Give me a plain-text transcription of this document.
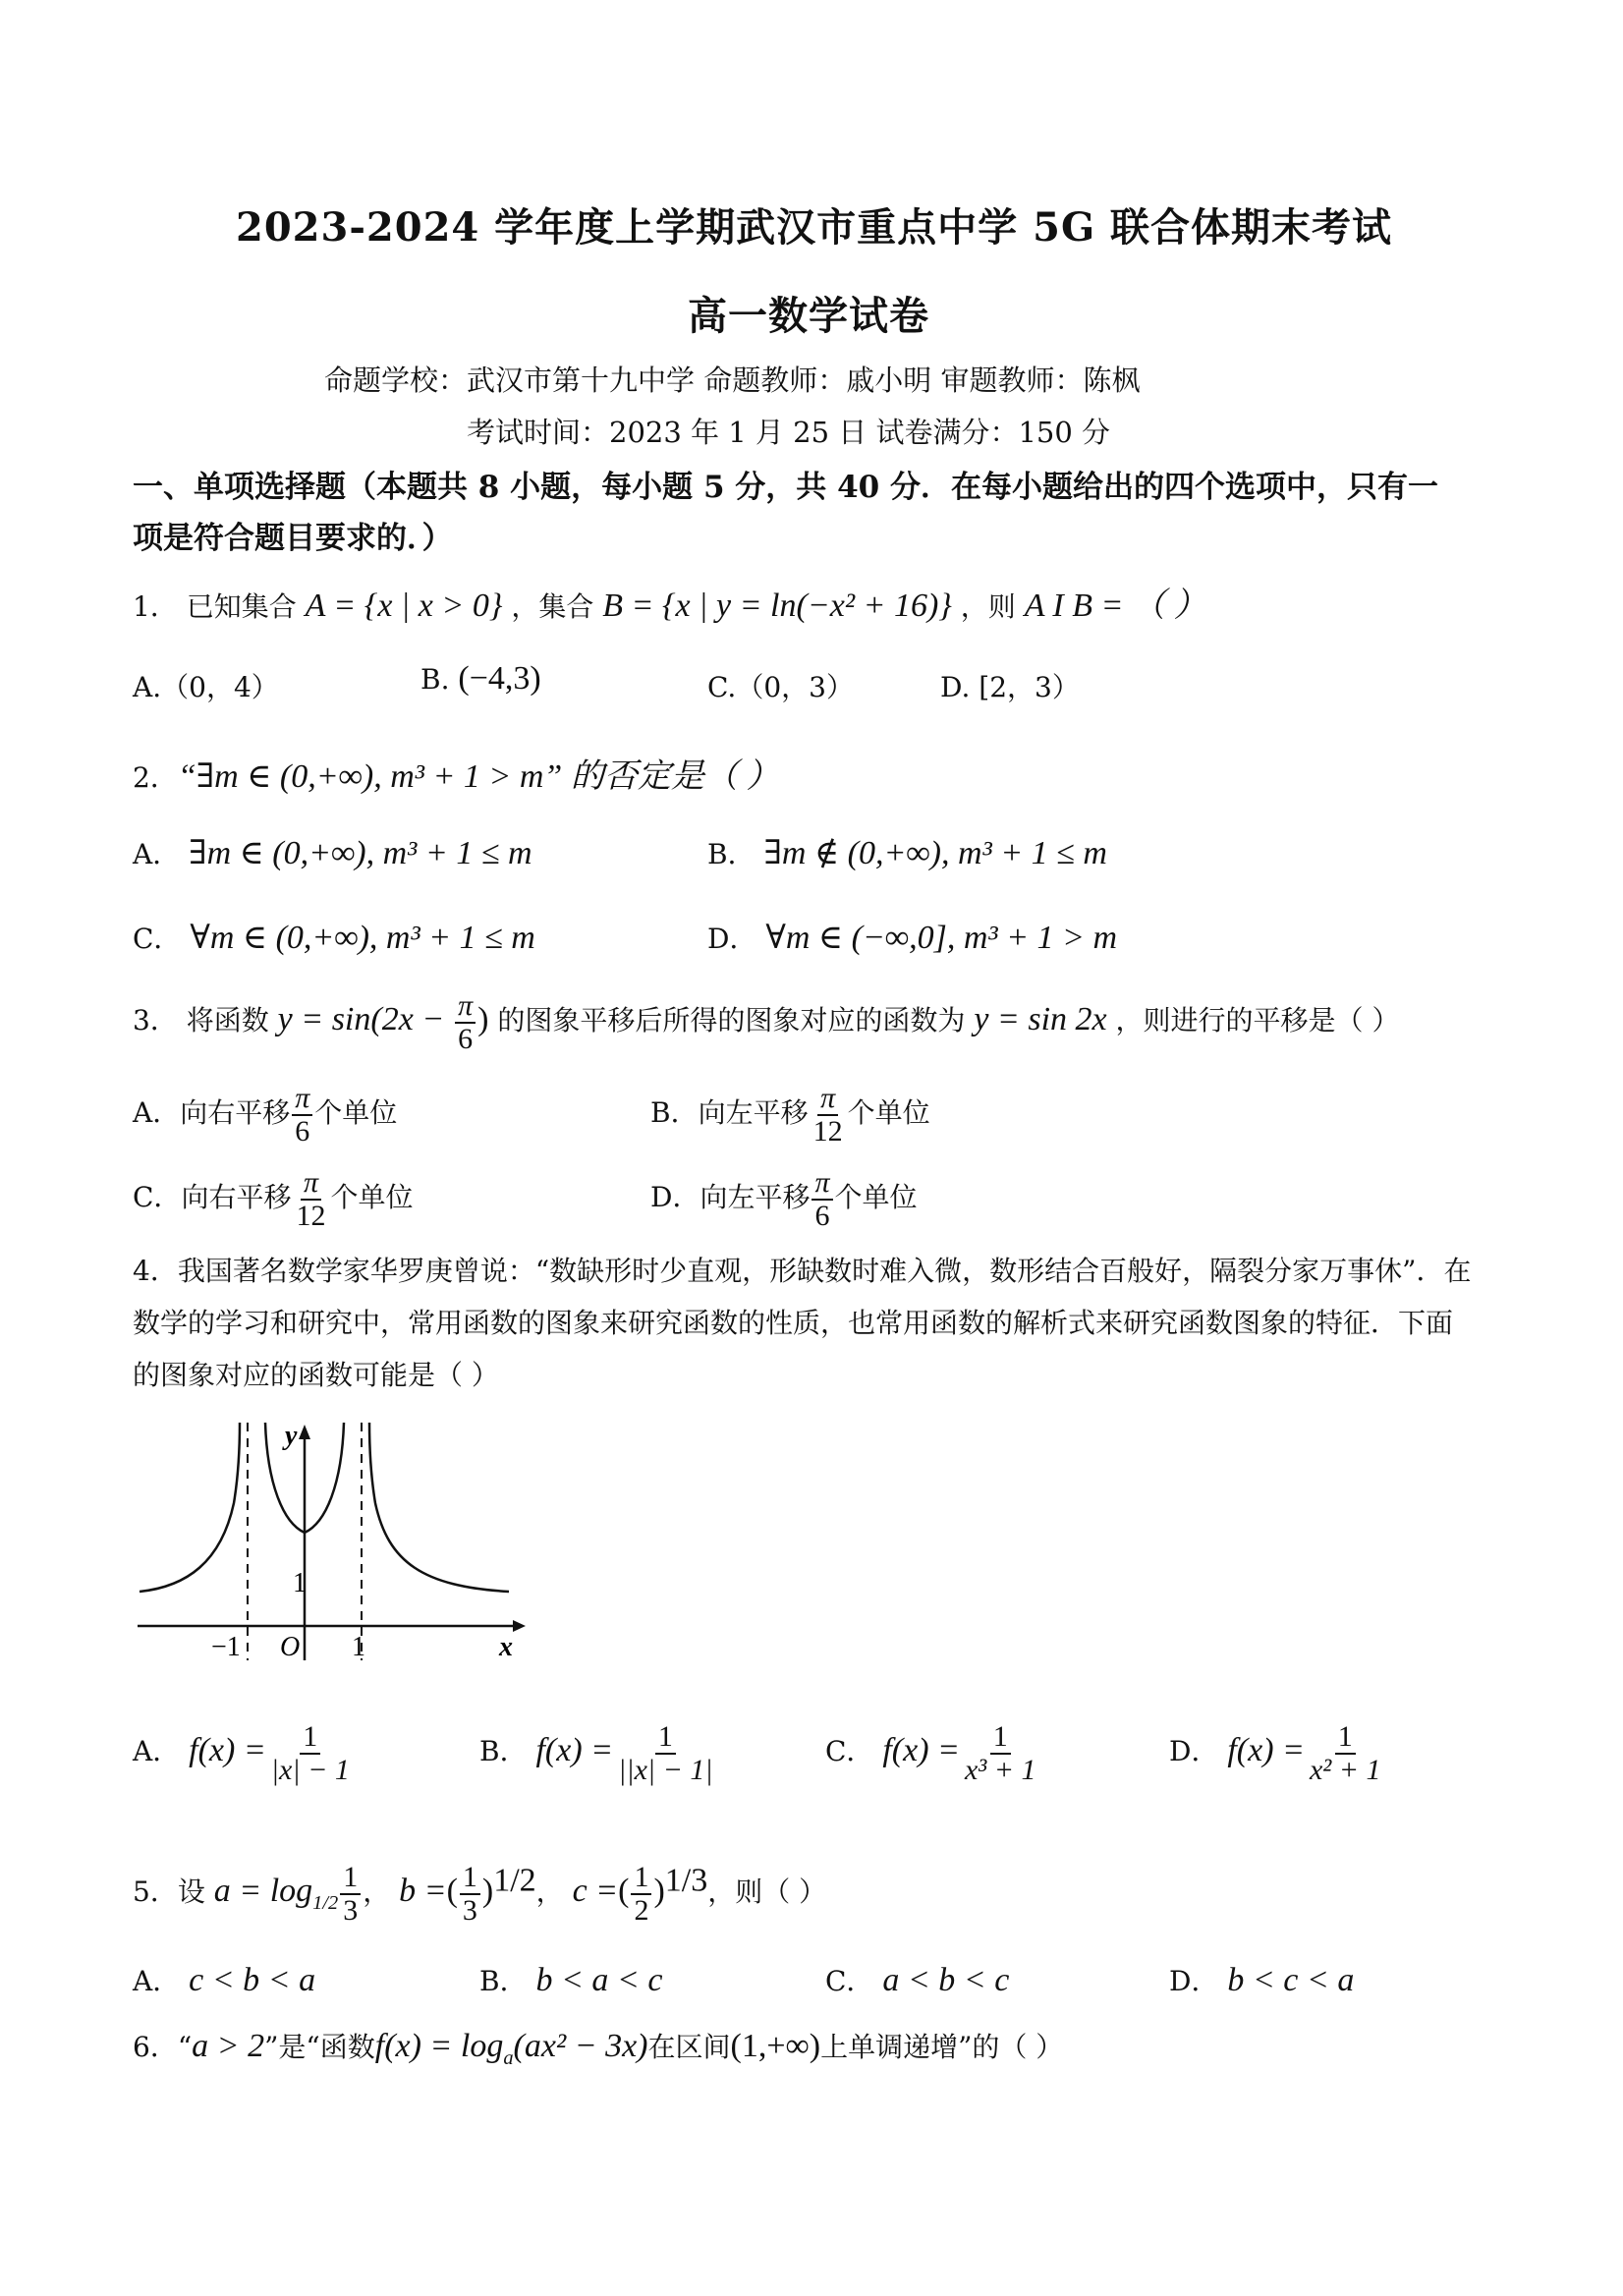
2023-2024 学年度上学期武汉市重点中学 5G 联合体期末考试
高一数学试卷
命题学校：武汉市第十九中学 命题教师：戚小明 审题教师：陈枫
考试时间：2023 年 1 月 25 日 试卷满分：150 分
一、单项选择题（本题共 8 小题，每小题 5 分，共 40 分．在每小题给出的四个选项中，只有一
项是符合题目要求的．）
1． 已知集合 A = {x | x > 0} ，集合 B = {x | y = ln(−x² + 16)} ，则 A I B = （ ）
A.（0，4）	B. (−4,3)	C.（0，3）	D. [2，3）
2．“∃m ∈ (0,+∞), m³ + 1 > m” 的否定是（ ）
A． ∃m ∈ (0,+∞), m³ + 1 ≤ m	B． ∃m ∉ (0,+∞), m³ + 1 ≤ m
C． ∀m ∈ (0,+∞), m³ + 1 ≤ m	D． ∀m ∈ (−∞,0], m³ + 1 > m
3． 将函数 $y = \sin(2x - \frac{\pi}{6}$ ) 的图象平移后所得的图象对应的函数为 y = sin 2x ，则进行的平移是（ ）
A．向右平移 $\frac{\pi}{6}$ 个单位	B．向左平移 $\frac{\pi}{12}$ 个单位
C．向右平移 $\frac{\pi}{12}$ 个单位	D．向左平移 $\frac{\pi}{6}$ 个单位
4．我国著名数学家华罗庚曾说：“数缺形时少直观，形缺数时难入微，数形结合百般好，隔裂分家万事休”．在
数学的学习和研究中，常用函数的图象来研究函数的性质，也常用函数的解析式来研究函数图象的特征．下面
的图象对应的函数可能是（ ）
y
x
O
−1	1
1
A． $f(x) = \frac{1}{|x| - 1}$	B． $f(x) = \frac{1}{||x| - 1|}$	C． $f(x) = \frac{1}{\text{x³ + 1}}$	D． $f(x) = \frac{1}{\text{x² + 1}}$
5．设 $a = \log_{1/2} \frac{1}{3}$ ， b =( $\frac{1}{3} )^{1/2}$， c =( $\frac{1}{2} )^{1/3}$，则（ ）
A． c < b < a	B． b < a < c	C． a < b < c	D． b < c < a
6．“a > 2”是“函数$f(x) = \log_a(ax^2 - 3x)$在区间(1,+∞)上单调递增”的（ ）
